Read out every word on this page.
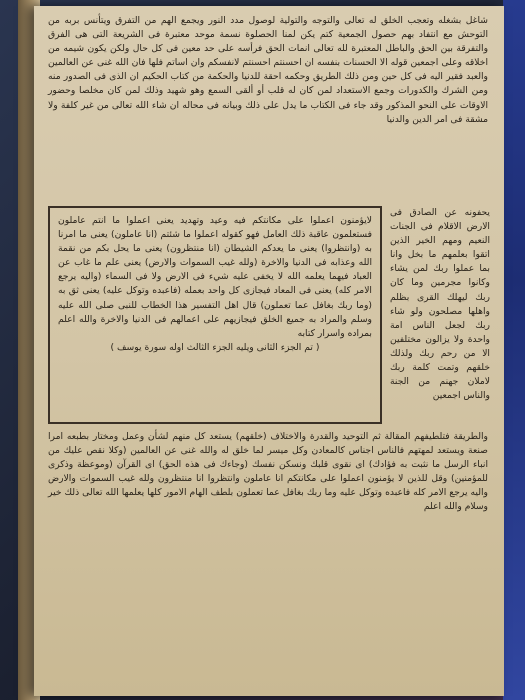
شاغل بشغله وتعجب الخلق له تعالى والتوجه والتولية لوصول مدد النور ويجمع الهم من التفرق ويتأنس بربه من التوحش مع انتفاد بهم حصول الجمعية كتم يكن لمنا الحصلوة نسمة موحد معتبرة فى الشريعة التى هى الفرق والتفرقة بين الحق والباطل المعتبرة لله تعالى انمات الحق فرأسه على حد معين فى كل حال ولكن يكون شيمه من اخلاقه وعلى اجمعين قوله الا الحسنات بنفسه ان احسنتم احسنتم لانفسكم وان اساتم فلها فان الله غنى عن العالمين والعبد فقير اليه فى كل حين ومن ذلك الطريق وحكمه احقة للدنيا والحكمة من كتاب الحكيم ان الذى فى الصدور منه ومن الشرك والكدورات وجمع الاستعداد لمن كان له قلب أو ألقى السمع وهو شهيد وذلك لمن كان مخلصا وحضور الاوقات على النحو المذكور وقد جاء فى الكتاب ما يدل على ذلك وبيانه فى محاله ان شاء الله تعالى من غير كلفة ولا مشقة فى امر الدين والدنيا

لايؤمنون اعملوا على مكانتكم فيه وعيد وتهديد يعنى اعملوا ما انتم عاملون فستعلمون عاقبة ذلك العامل فهو كقوله اعملوا ما شئتم (انا عاملون) يعنى ما امرنا به (وانتظروا) يعنى ما يعدكم الشيطان (انا منتظرون) يعنى ما يحل بكم من نقمة الله وعذابه فى الدنيا والاخرة (ولله غيب السموات والارض) يعنى علم ما غاب عن العباد فيهما يعلمه الله لا يخفى عليه شيء فى الارض ولا فى السماء (واليه يرجع الامر كله) يعنى فى المعاد فيجازى كل واحد بعمله (فاعبده وتوكل عليه) يعنى ثق به (وما ربك بغافل عما تعملون) قال اهل التفسير هذا الخطاب للنبى صلى الله عليه وسلم والمراد به جميع الخلق فيجازيهم على اعمالهم فى الدنيا والاخرة والله اعلم بمراده واسرار كتابه

( تم الجزء الثانى ويليه الجزء الثالث اوله سورة يوسف )

يحفونه عن الصادق فى الارض الاقلام فى الجنات النعيم ومهم الخير الذين اتقوا بعلمهم ما بخل وانا بما عملوا ربك لمن يشاء وكانوا مجرمين وما كان ربك ليهلك القرى بظلم واهلها مصلحون ولو شاء ربك لجعل الناس امة واحدة ولا يزالون مختلفين الا من رحم ربك ولذلك خلقهم وتمت كلمة ربك لاملان جهنم من الجنة والناس اجمعين

والطريقة فتلطيفهم المقالة ثم التوحيد والقدرة والاختلاف (خلقهم) يستعد كل منهم لشأن وعمل ومختار بطبعه امرا صنعة ويستعد لمهتهم فالناس اجناس كالمعادن وكل ميسر لما خلق له والله غنى عن العالمين (وكلا نقص عليك من انباء الرسل ما نثبت به فؤادك) اى نقوى قلبك ونسكن نفسك (وجاءك فى هذه الحق) اى القرآن (وموعظة وذكرى للمؤمنين) وقل للذين لا يؤمنون اعملوا على مكانتكم انا عاملون وانتظروا انا منتظرون ولله غيب السموات والارض واليه يرجع الامر كله فاعبده وتوكل عليه وما ربك بغافل عما تعملون بلطف الهام الامور كلها يعلمها الله تعالى ذلك خير وسلام والله اعلم
